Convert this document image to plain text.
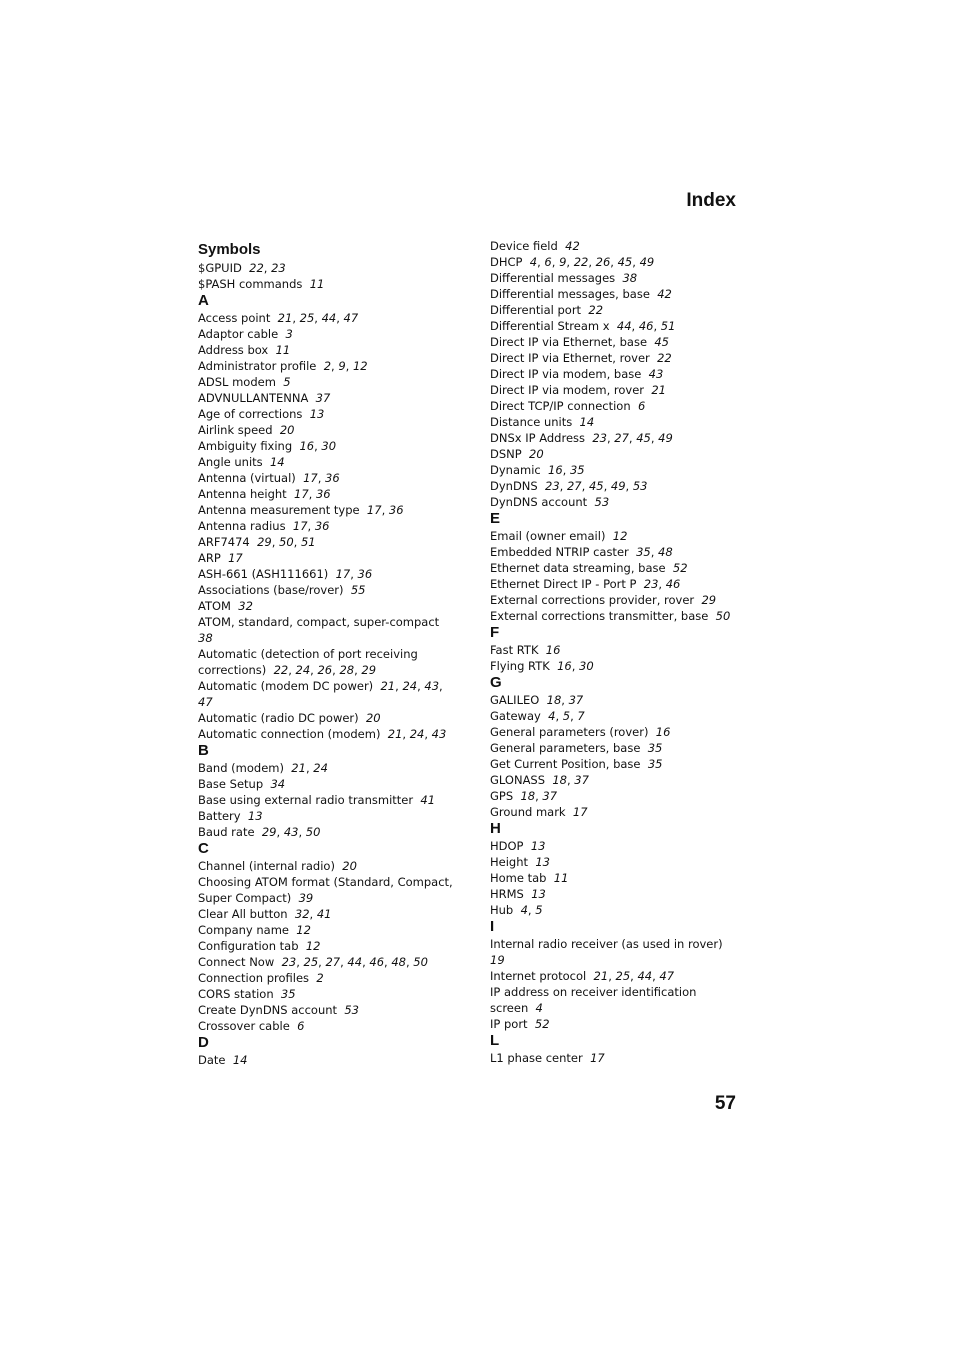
Index
Symbols
$GPUID 22, 23
$PASH commands 11
A
Access point 21, 25, 44, 47
Adaptor cable 3
Address box 11
Administrator profile 2, 9, 12
ADSL modem 5
ADVNULLANTENNA 37
Age of corrections 13
Airlink speed 20
Ambiguity fixing 16, 30
Angle units 14
Antenna (virtual) 17, 36
Antenna height 17, 36
Antenna measurement type 17, 36
Antenna radius 17, 36
ARF7474 29, 50, 51
ARP 17
ASH-661 (ASH111661) 17, 36
Associations (base/rover) 55
ATOM 32
ATOM, standard, compact, super-compact  38
Automatic (detection of port receiving corrections) 22, 24, 26, 28, 29
Automatic (modem DC power) 21, 24, 43, 47
Automatic (radio DC power) 20
Automatic connection (modem) 21, 24, 43
B
Band (modem) 21, 24
Base Setup 34
Base using external radio transmitter 41
Battery 13
Baud rate 29, 43, 50
C
Channel (internal radio) 20
Choosing ATOM format (Standard, Compact, Super Compact) 39
Clear All button 32, 41
Company name 12
Configuration tab 12
Connect Now 23, 25, 27, 44, 46, 48, 50
Connection profiles 2
CORS station 35
Create DynDNS account 53
Crossover cable 6
D
Date 14
Device field 42
DHCP 4, 6, 9, 22, 26, 45, 49
Differential messages 38
Differential messages, base 42
Differential port 22
Differential Stream x 44, 46, 51
Direct IP via Ethernet, base 45
Direct IP via Ethernet, rover 22
Direct IP via modem, base 43
Direct IP via modem, rover 21
Direct TCP/IP connection 6
Distance units 14
DNSx IP Address 23, 27, 45, 49
DSNP 20
Dynamic 16, 35
DynDNS 23, 27, 45, 49, 53
DynDNS account 53
E
Email (owner email) 12
Embedded NTRIP caster 35, 48
Ethernet data streaming, base 52
Ethernet Direct IP - Port P 23, 46
External corrections provider, rover 29
External corrections transmitter, base 50
F
Fast RTK 16
Flying RTK 16, 30
G
GALILEO 18, 37
Gateway 4, 5, 7
General parameters (rover) 16
General parameters, base 35
Get Current Position, base 35
GLONASS 18, 37
GPS 18, 37
Ground mark 17
H
HDOP 13
Height 13
Home tab 11
HRMS 13
Hub 4, 5
I
Internal radio receiver (as used in rover)  19
Internet protocol 21, 25, 44, 47
IP address on receiver identification screen 4
IP port 52
L
L1 phase center 17
57
